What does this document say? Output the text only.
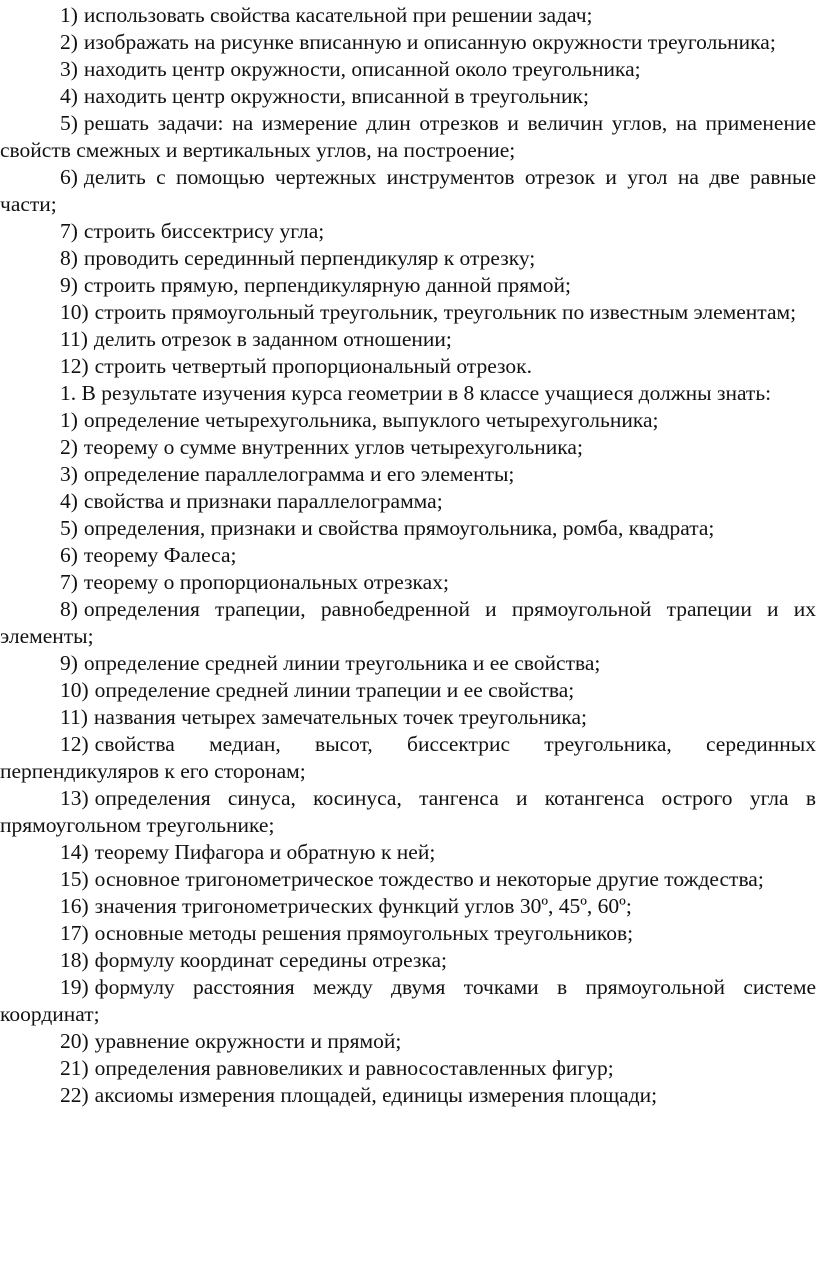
1) использовать свойства касательной при решении задач;

2) изображать на рисунке вписанную и описанную окружности треугольника;

3) находить центр окружности, описанной около треугольника;

4) находить центр окружности, вписанной в треугольник;

5) решать задачи: на измерение длин отрезков и величин углов, на применение свойств смежных и вертикальных углов, на построение;

6) делить с помощью чертежных инструментов отрезок и угол на две равные части;

7) строить биссектрису угла;

8) проводить серединный перпендикуляр к отрезку;

9) строить прямую, перпендикулярную данной прямой;

10) строить прямоугольный треугольник, треугольник по известным элементам;

11) делить отрезок в заданном отношении;

12) строить четвертый пропорциональный отрезок.

1. В результате изучения курса геометрии в 8 классе учащиеся должны знать:

1) определение четырехугольника, выпуклого четырехугольника;

2) теорему о сумме внутренних углов четырехугольника;

3) определение параллелограмма и его элементы;

4) свойства и признаки параллелограмма;

5) определения, признаки и свойства прямоугольника, ромба, квадрата;

6) теорему Фалеса;

7) теорему о пропорциональных отрезках;

8) определения трапеции, равнобедренной и прямоугольной трапеции и их элементы;

9) определение средней линии треугольника и ее свойства;

10) определение средней линии трапеции и ее свойства;

11) названия четырех замечательных точек треугольника;

12) свойства медиан, высот, биссектрис треугольника, серединных перпендикуляров к его сторонам;

13) определения синуса, косинуса, тангенса и котангенса острого угла в прямоугольном треугольнике;

14) теорему Пифагора и обратную к ней;

15) основное тригонометрическое тождество и некоторые другие тождества;

16) значения тригонометрических функций углов 30º, 45º, 60º;

17) основные методы решения прямоугольных треугольников;

18) формулу координат середины отрезка;

19) формулу расстояния между двумя точками в прямоугольной системе координат;

20) уравнение окружности и прямой;

21) определения равновеликих и равносоставленных фигур;

22) аксиомы измерения площадей, единицы измерения площади;
